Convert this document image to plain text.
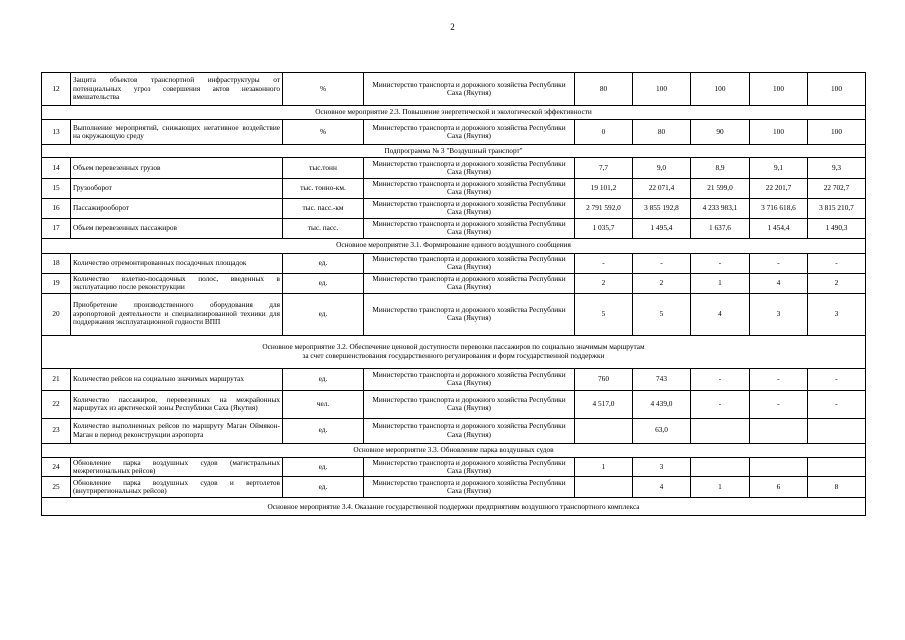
2
12	Защита объектов транспортной инфраструктуры от потенциальных угроз совершения актов незаконного вмешательства	%	Министерство транспорта и дорожного хозяйства Республики Саха (Якутия)	80	100	100	100	100

Основное мероприятие 2.3. Повышение энергетической и экологической эффективности								

13	Выполнение мероприятий, снижающих негативное воздействие на окружающую среду	%	Министерство транспорта и дорожного хозяйства Республики Саха (Якутия)	0	80	90	100	100

Подпрограмма № 3 "Воздушный транспорт"								

14	Объем перевезенных грузов	тыс.тонн	Министерство транспорта и дорожного хозяйства Республики Саха (Якутия)	7,7	9,0	8,9	9,1	9,3
15	Грузооборот	тыс. тонно-км.	Министерство транспорта и дорожного хозяйства Республики Саха (Якутия)	19 101,2	22 071,4	21 599,0	22 201,7	22 702,7
16	Пассажирооборот	тыс. пасс.-км	Министерство транспорта и дорожного хозяйства Республики Саха (Якутия)	2 791 592,0	3 855 192,8	4 233 983,1	3 716 618,6	3 815 210,7
17	Объем перевезенных пассажиров	тыс. пасс.	Министерство транспорта и дорожного хозяйства Республики Саха (Якутия)	1 035,7	1 495,4	1 637,6	1 454,4	1 490,3

Основное мероприятие 3.1. Формирование единого воздушного сообщения								

18	Количество отремонтированных посадочных площадок	ед.	Министерство транспорта и дорожного хозяйства Республики Саха (Якутия)	-	-	-	-	-
19	Количество взлетно-посадочных полос, введенных в эксплуатацию после реконструкции	ед.	Министерство транспорта и дорожного хозяйства Республики Саха (Якутия)	2	2	1	4	2
20	Приобретение производственного оборудования для аэропортовой деятельности и специализированной техники для поддержания эксплуатационной годности ВПП	ед.	Министерство транспорта и дорожного хозяйства Республики Саха (Якутия)	5	5	4	3	3

Основное мероприятие 3.2. Обеспечение ценовой доступности перевозки пассажиров по социально значимым маршрутам
за счет совершенствования государственного регулирования и форм государственной поддержки								

21	Количество рейсов на социально значимых маршрутах	ед.	Министерство транспорта и дорожного хозяйства Республики Саха (Якутия)	760	743	-	-	-
22	Количество пассажиров, перевезенных на межрайонных маршрутах из арктической зоны Республики Саха (Якутия)	чел.	Министерство транспорта и дорожного хозяйства Республики Саха (Якутия)	4 517,0	4 439,0	-	-	-
23	Количество выполненных рейсов по маршруту Маган Оймякон-Маган в период реконструкции аэропорта	ед.	Министерство транспорта и дорожного хозяйства Республики Саха (Якутия)		63,0			

Основное мероприятие 3.3. Обновление парка воздушных судов								

24	Обновление парка воздушных судов (магистральных межрегиональных рейсов)	ед.	Министерство транспорта и дорожного хозяйства Республики Саха (Якутия)	1	3			
25	Обновление парка воздушных судов и вертолетов (внутрирегиональных рейсов)	ед.	Министерство транспорта и дорожного хозяйства Республики Саха (Якутия)		4	1	6	8

Основное мероприятие 3.4. Оказание государственной поддержки предприятиям воздушного транспортного комплекса								
